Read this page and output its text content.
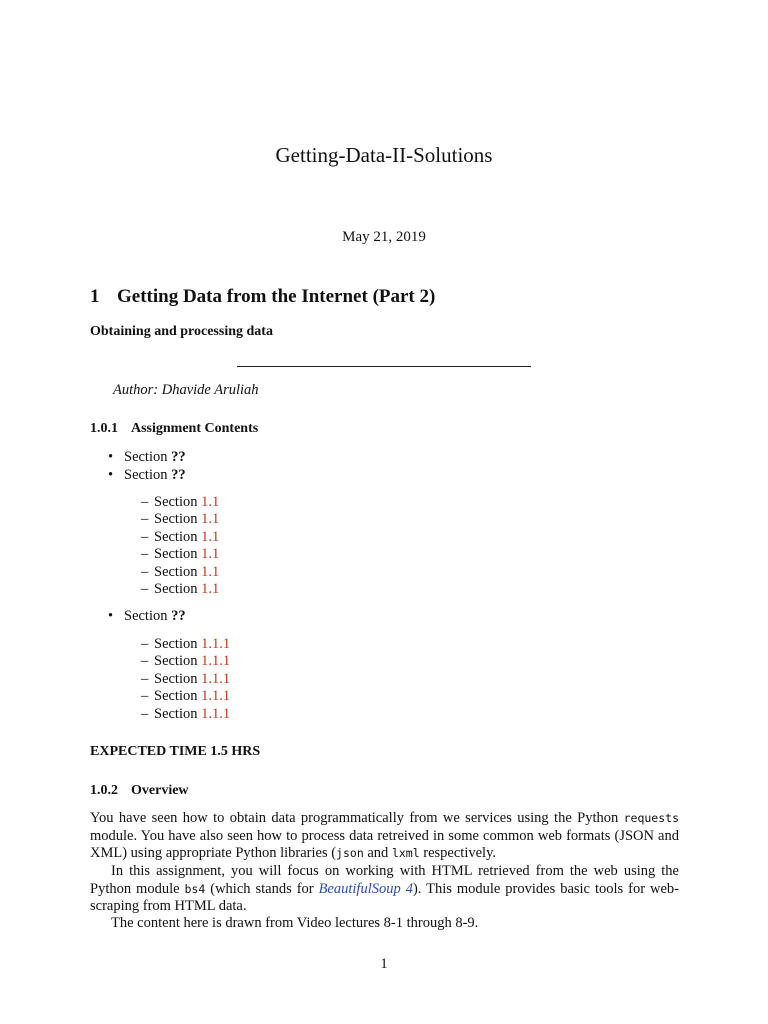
Getting-Data-II-Solutions
May 21, 2019
1 Getting Data from the Internet (Part 2)
Obtaining and processing data
Author: Dhavide Aruliah
1.0.1 Assignment Contents
• Section ??
• Section ??
– Section 1.1
– Section 1.1
– Section 1.1
– Section 1.1
– Section 1.1
– Section 1.1
• Section ??
– Section 1.1.1
– Section 1.1.1
– Section 1.1.1
– Section 1.1.1
– Section 1.1.1
EXPECTED TIME 1.5 HRS
1.0.2 Overview
You have seen how to obtain data programmatically from we services using the Python requests module. You have also seen how to process data retreived in some common web formats (JSON and XML) using appropriate Python libraries (json and lxml respectively.
In this assignment, you will focus on working with HTML retrieved from the web using the Python module bs4 (which stands for BeautifulSoup 4). This module provides basic tools for web-scraping from HTML data.
The content here is drawn from Video lectures 8-1 through 8-9.
1
